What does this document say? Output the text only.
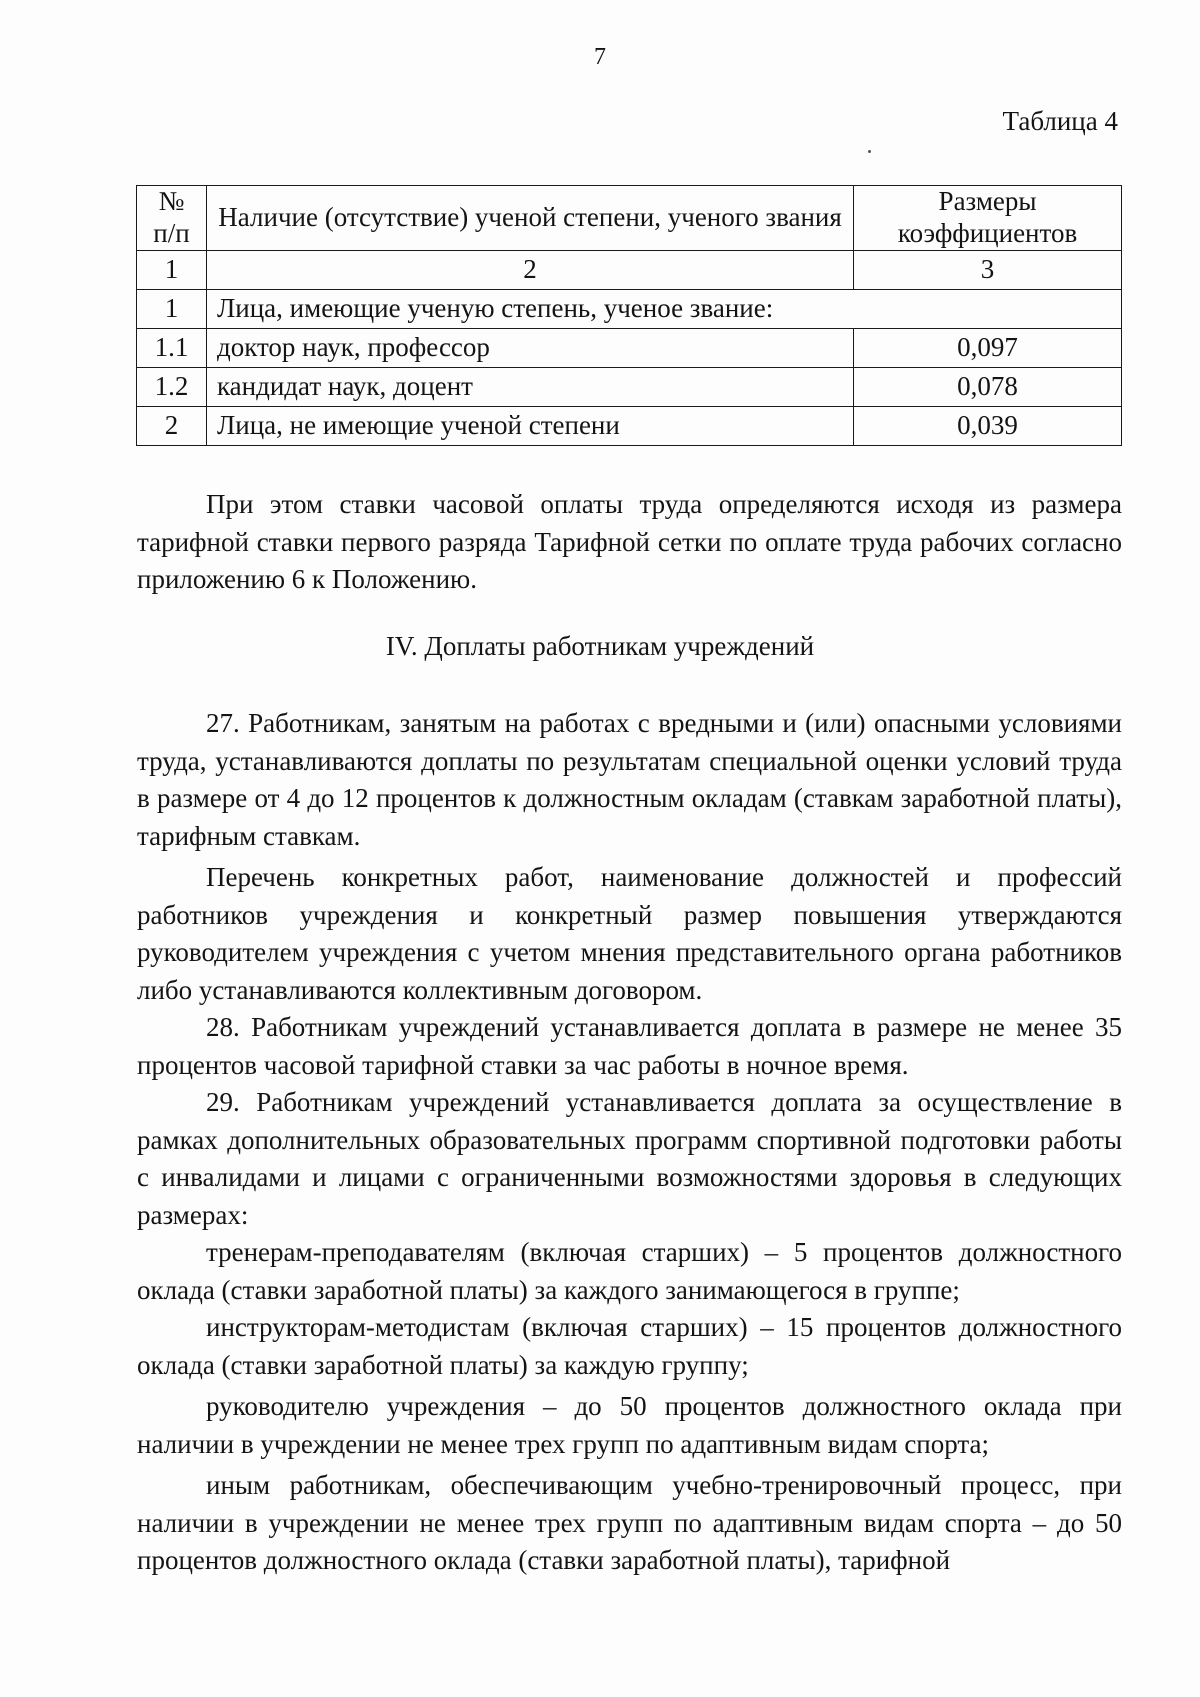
7
Таблица 4
№ п/п	Наличие (отсутствие) ученой степени, ученого звания	Размеры коэффициентов
1	2	3
1	Лица, имеющие ученую степень, ученое звание:	
1.1	доктор наук, профессор	0,097
1.2	кандидат наук, доцент	0,078
2	Лица, не имеющие ученой степени	0,039

При этом ставки часовой оплаты труда определяются исходя из размера тарифной ставки первого разряда Тарифной сетки по оплате труда рабочих согласно приложению 6 к Положению.

IV. Доплаты работникам учреждений

27. Работникам, занятым на работах с вредными и (или) опасными условиями труда, устанавливаются доплаты по результатам специальной оценки условий труда в размере от 4 до 12 процентов к должностным окладам (ставкам заработной платы), тарифным ставкам.

Перечень конкретных работ, наименование должностей и профессий работников учреждения и конкретный размер повышения утверждаются руководителем учреждения с учетом мнения представительного органа работников либо устанавливаются коллективным договором.

28. Работникам учреждений устанавливается доплата в размере не менее 35 процентов часовой тарифной ставки за час работы в ночное время.

29. Работникам учреждений устанавливается доплата за осуществление в рамках дополнительных образовательных программ спортивной подготовки работы с инвалидами и лицами с ограниченными возможностями здоровья в следующих размерах:

тренерам-преподавателям (включая старших) – 5 процентов должностного оклада (ставки заработной платы) за каждого занимающегося в группе;

инструкторам-методистам (включая старших) – 15 процентов должностного оклада (ставки заработной платы) за каждую группу;

руководителю учреждения – до 50 процентов должностного оклада при наличии в учреждении не менее трех групп по адаптивным видам спорта;

иным работникам, обеспечивающим учебно-тренировочный процесс, при наличии в учреждении не менее трех групп по адаптивным видам спорта – до 50 процентов должностного оклада (ставки заработной платы), тарифной
